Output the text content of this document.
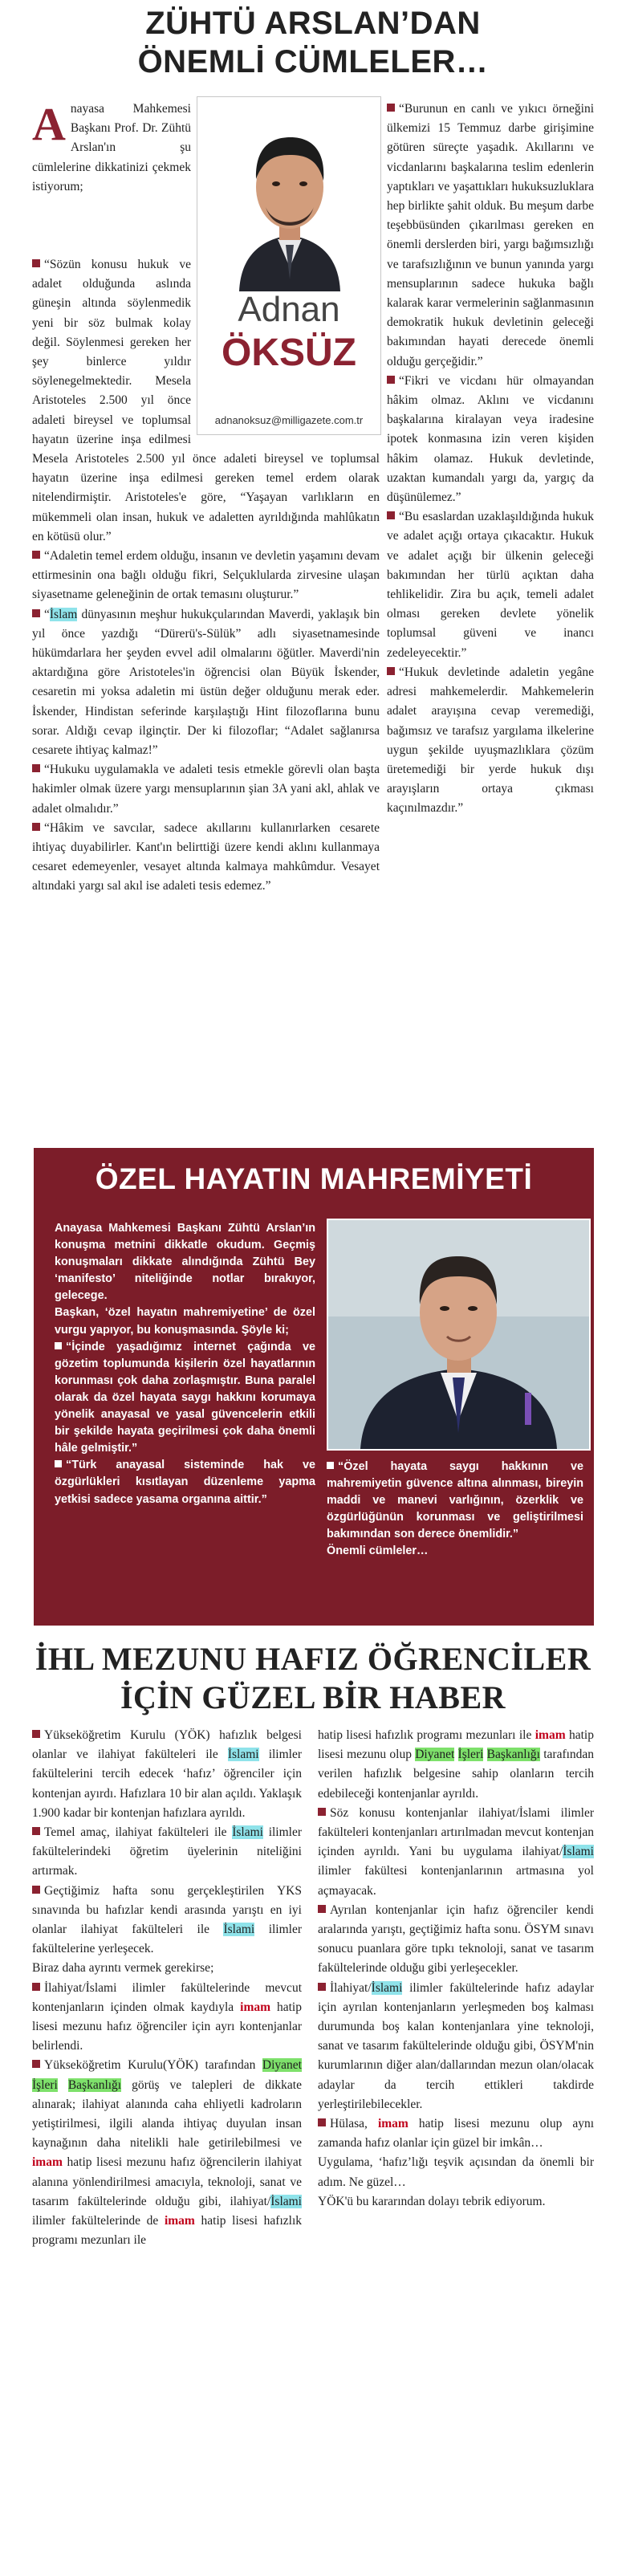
ZÜHTÜ ARSLAN’DAN
ÖNEMLİ CÜMLELER…
Adnan
ÖKSÜZ
adnanoksuz@milligazete.com.tr

Anayasa Mahkemesi Başkanı Prof. Dr. Zühtü Arslan'ın şu cümlelerine dikkatinizi çekmek istiyorum;

“Sözün konusu hukuk ve adalet olduğunda aslında güneşin altında söylenmedik yeni bir söz bulmak kolay değil. Söylenmesi gereken her şey binlerce yıldır söylenegelmektedir. Mesela Aristoteles 2.500 yıl önce adaleti bireysel ve toplumsal hayatın üzerine inşa edilmesi

Mesela Aristoteles 2.500 yıl önce adaleti bireysel ve toplumsal hayatın üzerine inşa edilmesi gereken temel erdem olarak nitelendirmiştir. Aristoteles'e göre, “Yaşayan varlıkların en mükemmeli olan insan, hukuk ve adaletten ayrıldığında mahlûkatın en kötüsü olur.”

“Adaletin temel erdem olduğu, insanın ve devletin yaşamını devam ettirmesinin ona bağlı olduğu fikri, Selçuklularda zirvesine ulaşan siyasetname geleneğinin de ortak temasını oluşturur.”

“İslam dünyasının meşhur hukukçularından Maverdi, yaklaşık bin yıl önce yazdığı “Dürerü's-Sülük” adlı siyasetnamesinde hükümdarlara her şeyden evvel adil olmalarını öğütler. Maverdi'nin aktardığına göre Aristoteles'in öğrencisi olan Büyük İskender, cesaretin mi yoksa adaletin mi üstün değer olduğunu merak eder. İskender, Hindistan seferinde karşılaştığı Hint filozoflarına bunu sorar. Aldığı cevap ilginçtir. Der ki filozoflar; “Adalet sağlanırsa cesarete ihtiyaç kalmaz!”

“Hukuku uygulamakla ve adaleti tesis etmekle görevli olan başta hakimler olmak üzere yargı mensuplarının şian 3A yani akl, ahlak ve adalet olmalıdır.”

“Hâkim ve savcılar, sadece akıllarını kullanırlarken cesarete ihtiyaç duyabilirler. Kant'ın belirttiği üzere kendi aklını kullanmaya cesaret edemeyenler, vesayet altında kalmaya mahkûmdur. Vesayet altındaki yargı sal akıl ise adaleti tesis edemez.”

“Burunun en canlı ve yıkıcı örneğini ülkemizi 15 Temmuz darbe girişimine götüren süreçte yaşadık. Akıllarını ve vicdanlarını başkalarına teslim edenlerin yaptıkları ve yaşattıkları hukuksuzluklara hep birlikte şahit olduk. Bu meşum darbe teşebbüsünden çıkarılması gereken en önemli derslerden biri, yargı bağımsızlığı ve tarafsızlığının ve bunun yanında yargı mensuplarının sadece hukuka bağlı kalarak karar vermelerinin sağlanmasının demokratik hukuk devletinin geleceği bakımından hayati derecede önemli olduğu gerçeğidir.”

“Fikri ve vicdanı hür olmayandan hâkim olmaz. Aklını ve vicdanını başkalarına kiralayan veya iradesine ipotek konmasına izin veren kişiden hâkim olamaz. Hukuk devletinde, uzaktan kumandalı yargı da, yargıç da düşünülemez.”

“Bu esaslardan uzaklaşıldığında hukuk ve adalet açığı ortaya çıkacaktır. Hukuk ve adalet açığı bir ülkenin geleceği bakımından her türlü açıktan daha tehlikelidir. Zira bu açık, temeli adalet olması gereken devlete yönelik toplumsal güveni ve inancı zedeleyecektir.”

“Hukuk devletinde adaletin yegâne adresi mahkemelerdir. Mahkemelerin adalet arayışına cevap veremediği, bağımsız ve tarafsız yargılama ilkelerine uygun şekilde uyuşmazlıklara çözüm üretemediği bir yerde hukuk dışı arayışların ortaya çıkması kaçınılmazdır.”

ÖZEL HAYATIN MAHREMİYETİ

Anayasa Mahkemesi Başkanı Zühtü Arslan’ın konuşma metnini dikkatle okudum. Geçmiş konuşmaları dikkate alındığında Zühtü Bey ‘manifesto’ niteliğinde notlar bırakıyor, gelecege.

Başkan, ‘özel hayatın mahremiyetine’ de özel vurgu yapıyor, bu konuşmasında. Şöyle ki;

“İçinde yaşadığımız internet çağında ve gözetim toplumunda kişilerin özel hayatlarının korunması çok daha zorlaşmıştır. Buna paralel olarak da özel hayata saygı hakkını korumaya yönelik anayasal ve yasal güvencelerin etkili bir şekilde hayata geçirilmesi çok daha önemli hâle gelmiştir.”

“Türk anayasal sisteminde hak ve özgürlükleri kısıtlayan düzenleme yapma yetkisi sadece yasama organına aittir.”

“Özel hayata saygı hakkının ve mahremiyetin güvence altına alınması, bireyin maddi ve manevi varlığının, özerklik ve özgürlüğünün korunması ve geliştirilmesi bakımından son derece önemlidir.”

Önemli cümleler…

İHL MEZUNU HAFIZ ÖĞRENCİLER
İÇİN GÜZEL BİR HABER

Yükseköğretim Kurulu (YÖK) hafızlık belgesi olanlar ve ilahiyat fakülteleri ile İslami ilimler fakültelerini tercih edecek ‘hafız’ öğrenciler için kontenjan ayırdı. Hafızlara 10 bir alan açıldı. Yaklaşık 1.900 kadar bir kontenjan hafızlara ayrıldı.

Temel amaç, ilahiyat fakülteleri ile İslami ilimler fakültelerindeki öğretim üyelerinin niteliğini artırmak.

Geçtiğimiz hafta sonu gerçekleştirilen YKS sınavında bu hafızlar kendi arasında yarıştı en iyi olanlar ilahiyat fakülteleri ile İslami ilimler fakültelerine yerleşecek.

Biraz daha ayrıntı vermek gerekirse;

İlahiyat/İslami ilimler fakültelerinde mevcut kontenjanların içinden olmak kaydıyla imam hatip lisesi mezunu hafız öğrenciler için ayrı kontenjanlar belirlendi.

Yükseköğretim Kurulu(YÖK) tarafından Diyanet İşleri Başkanlığı görüş ve talepleri de dikkate alınarak; ilahiyat alanında caha ehliyetli kadroların yetiştirilmesi, ilgili alanda ihtiyaç duyulan insan kaynağının daha nitelikli hale getirilebilmesi ve imam hatip lisesi mezunu hafız öğrencilerin ilahiyat alanına yönlendirilmesi amacıyla, teknoloji, sanat ve tasarım fakültelerinde olduğu gibi, ilahiyat/İslami ilimler fakültelerinde de imam hatip lisesi hafızlık programı mezunları ile

hatip lisesi hafızlık programı mezunları ile imam hatip lisesi mezunu olup Diyanet İşleri Başkanlığı tarafından verilen hafızlık belgesine sahip olanların tercih edebileceği kontenjanlar ayrıldı.

Söz konusu kontenjanlar ilahiyat/İslami ilimler fakülteleri kontenjanları artırılmadan mevcut kontenjan içinden ayrıldı. Yani bu uygulama ilahiyat/İslami ilimler fakültesi kontenjanlarının artmasına yol açmayacak.

Ayrılan kontenjanlar için hafız öğrenciler kendi aralarında yarıştı, geçtiğimiz hafta sonu. ÖSYM sınavı sonucu puanlara göre tıpkı teknoloji, sanat ve tasarım fakültelerinde olduğu gibi yerleşecekler.

İlahiyat/İslami ilimler fakültelerinde hafız adaylar için ayrılan kontenjanların yerleşmeden boş kalması durumunda boş kalan kontenjanlara yine teknoloji, sanat ve tasarım fakültelerinde olduğu gibi, ÖSYM'nin kurumlarının diğer alan/dallarından mezun olan/olacak adaylar da tercih ettikleri takdirde yerleştirilebilecekler.

Hülasa, imam hatip lisesi mezunu olup aynı zamanda hafız olanlar için güzel bir imkân…

Uygulama, ‘hafız’lığı teşvik açısından da önemli bir adım. Ne güzel…

YÖK'ü bu kararından dolayı tebrik ediyorum.
